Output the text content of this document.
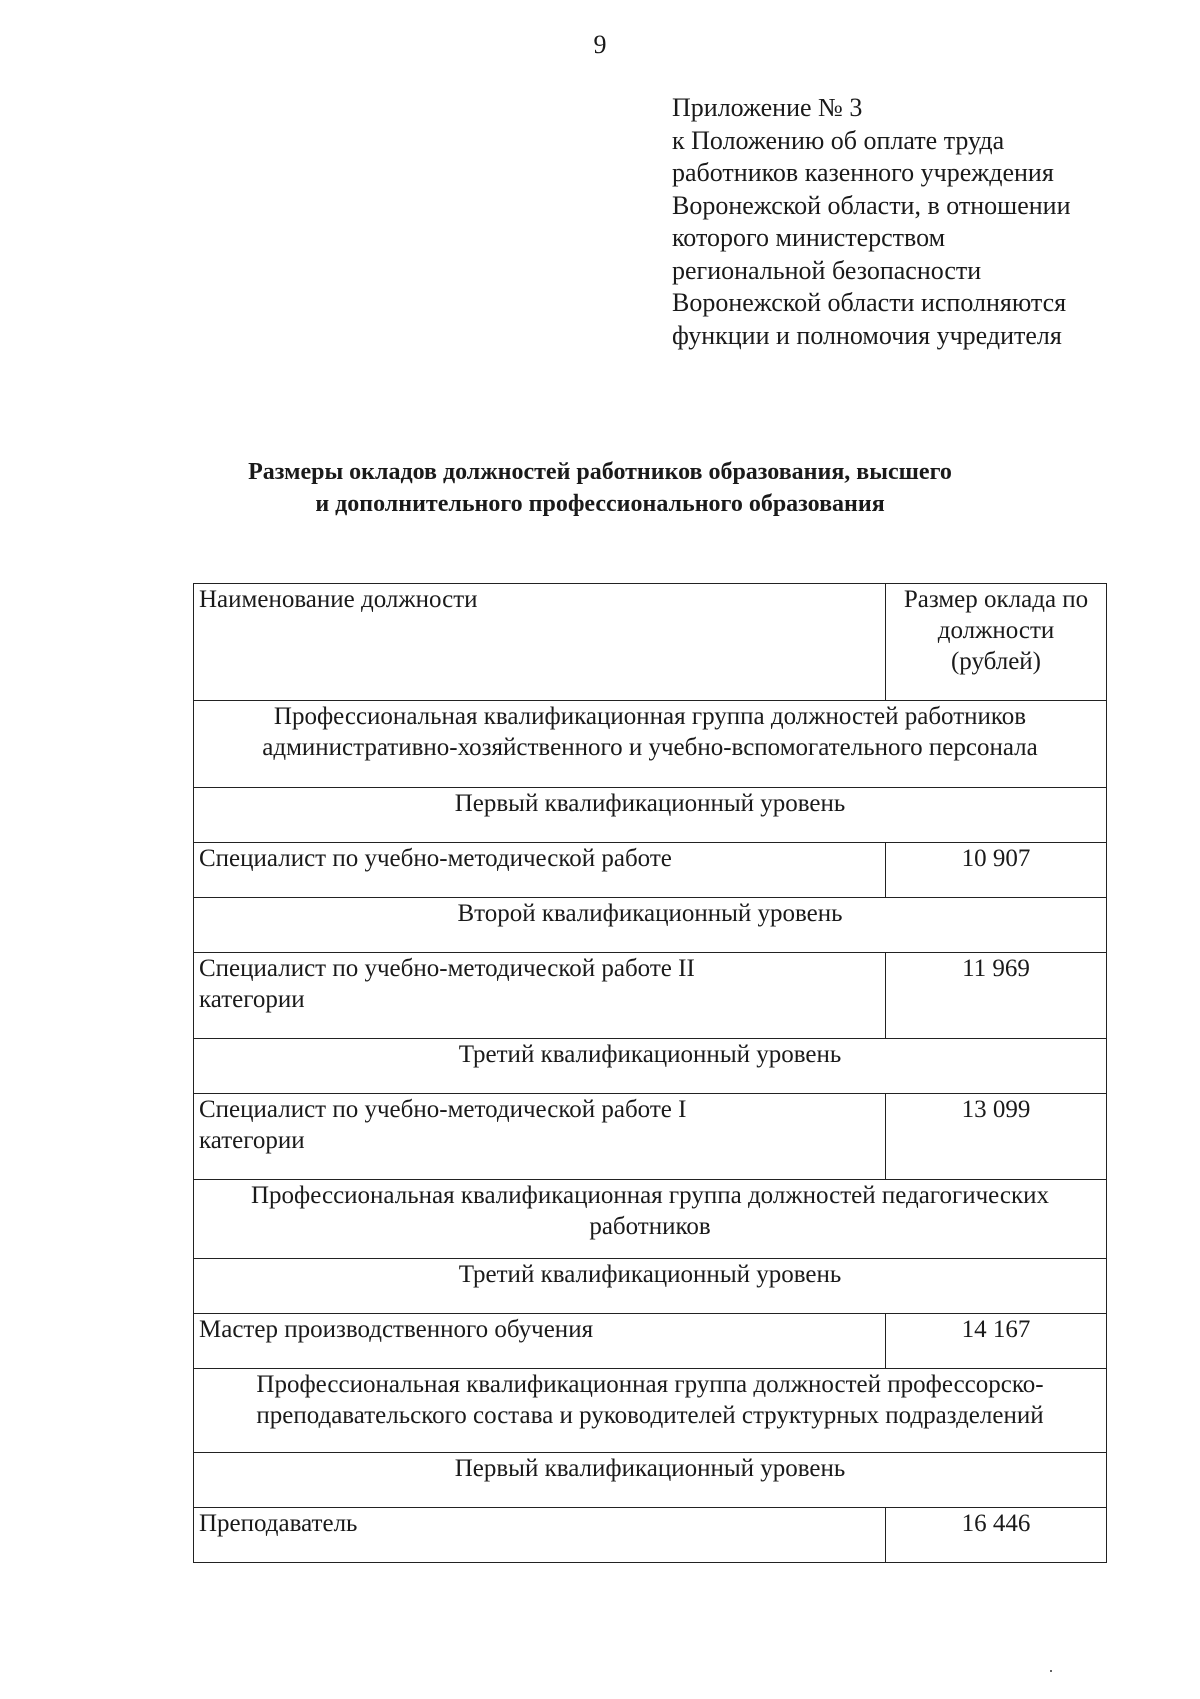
9
Приложение № 3
к Положению об оплате труда
работников казенного учреждения
Воронежской области, в отношении
которого министерством
региональной безопасности
Воронежской области исполняются
функции и полномочия учредителя
Размеры окладов должностей работников образования, высшего
и дополнительного профессионального образования
Наименование должности	Размер оклада по
должности
(рублей)

Профессиональная квалификационная группа должностей работников
административно-хозяйственного и учебно-вспомогательного персонала	

Первый квалификационный уровень	

Специалист по учебно-методической работе	10 907
Второй квалификационный уровень	

Специалист по учебно-методической работе II
категории	11 969
Третий квалификационный уровень	

Специалист по учебно-методической работе I
категории	13 099

Профессиональная квалификационная группа должностей педагогических
работников	

Третий квалификационный уровень	

Мастер производственного обучения	14 167

Профессиональная квалификационная группа должностей профессорско-
преподавательского состава и руководителей структурных подразделений	

Первый квалификационный уровень	

Преподаватель	16 446
